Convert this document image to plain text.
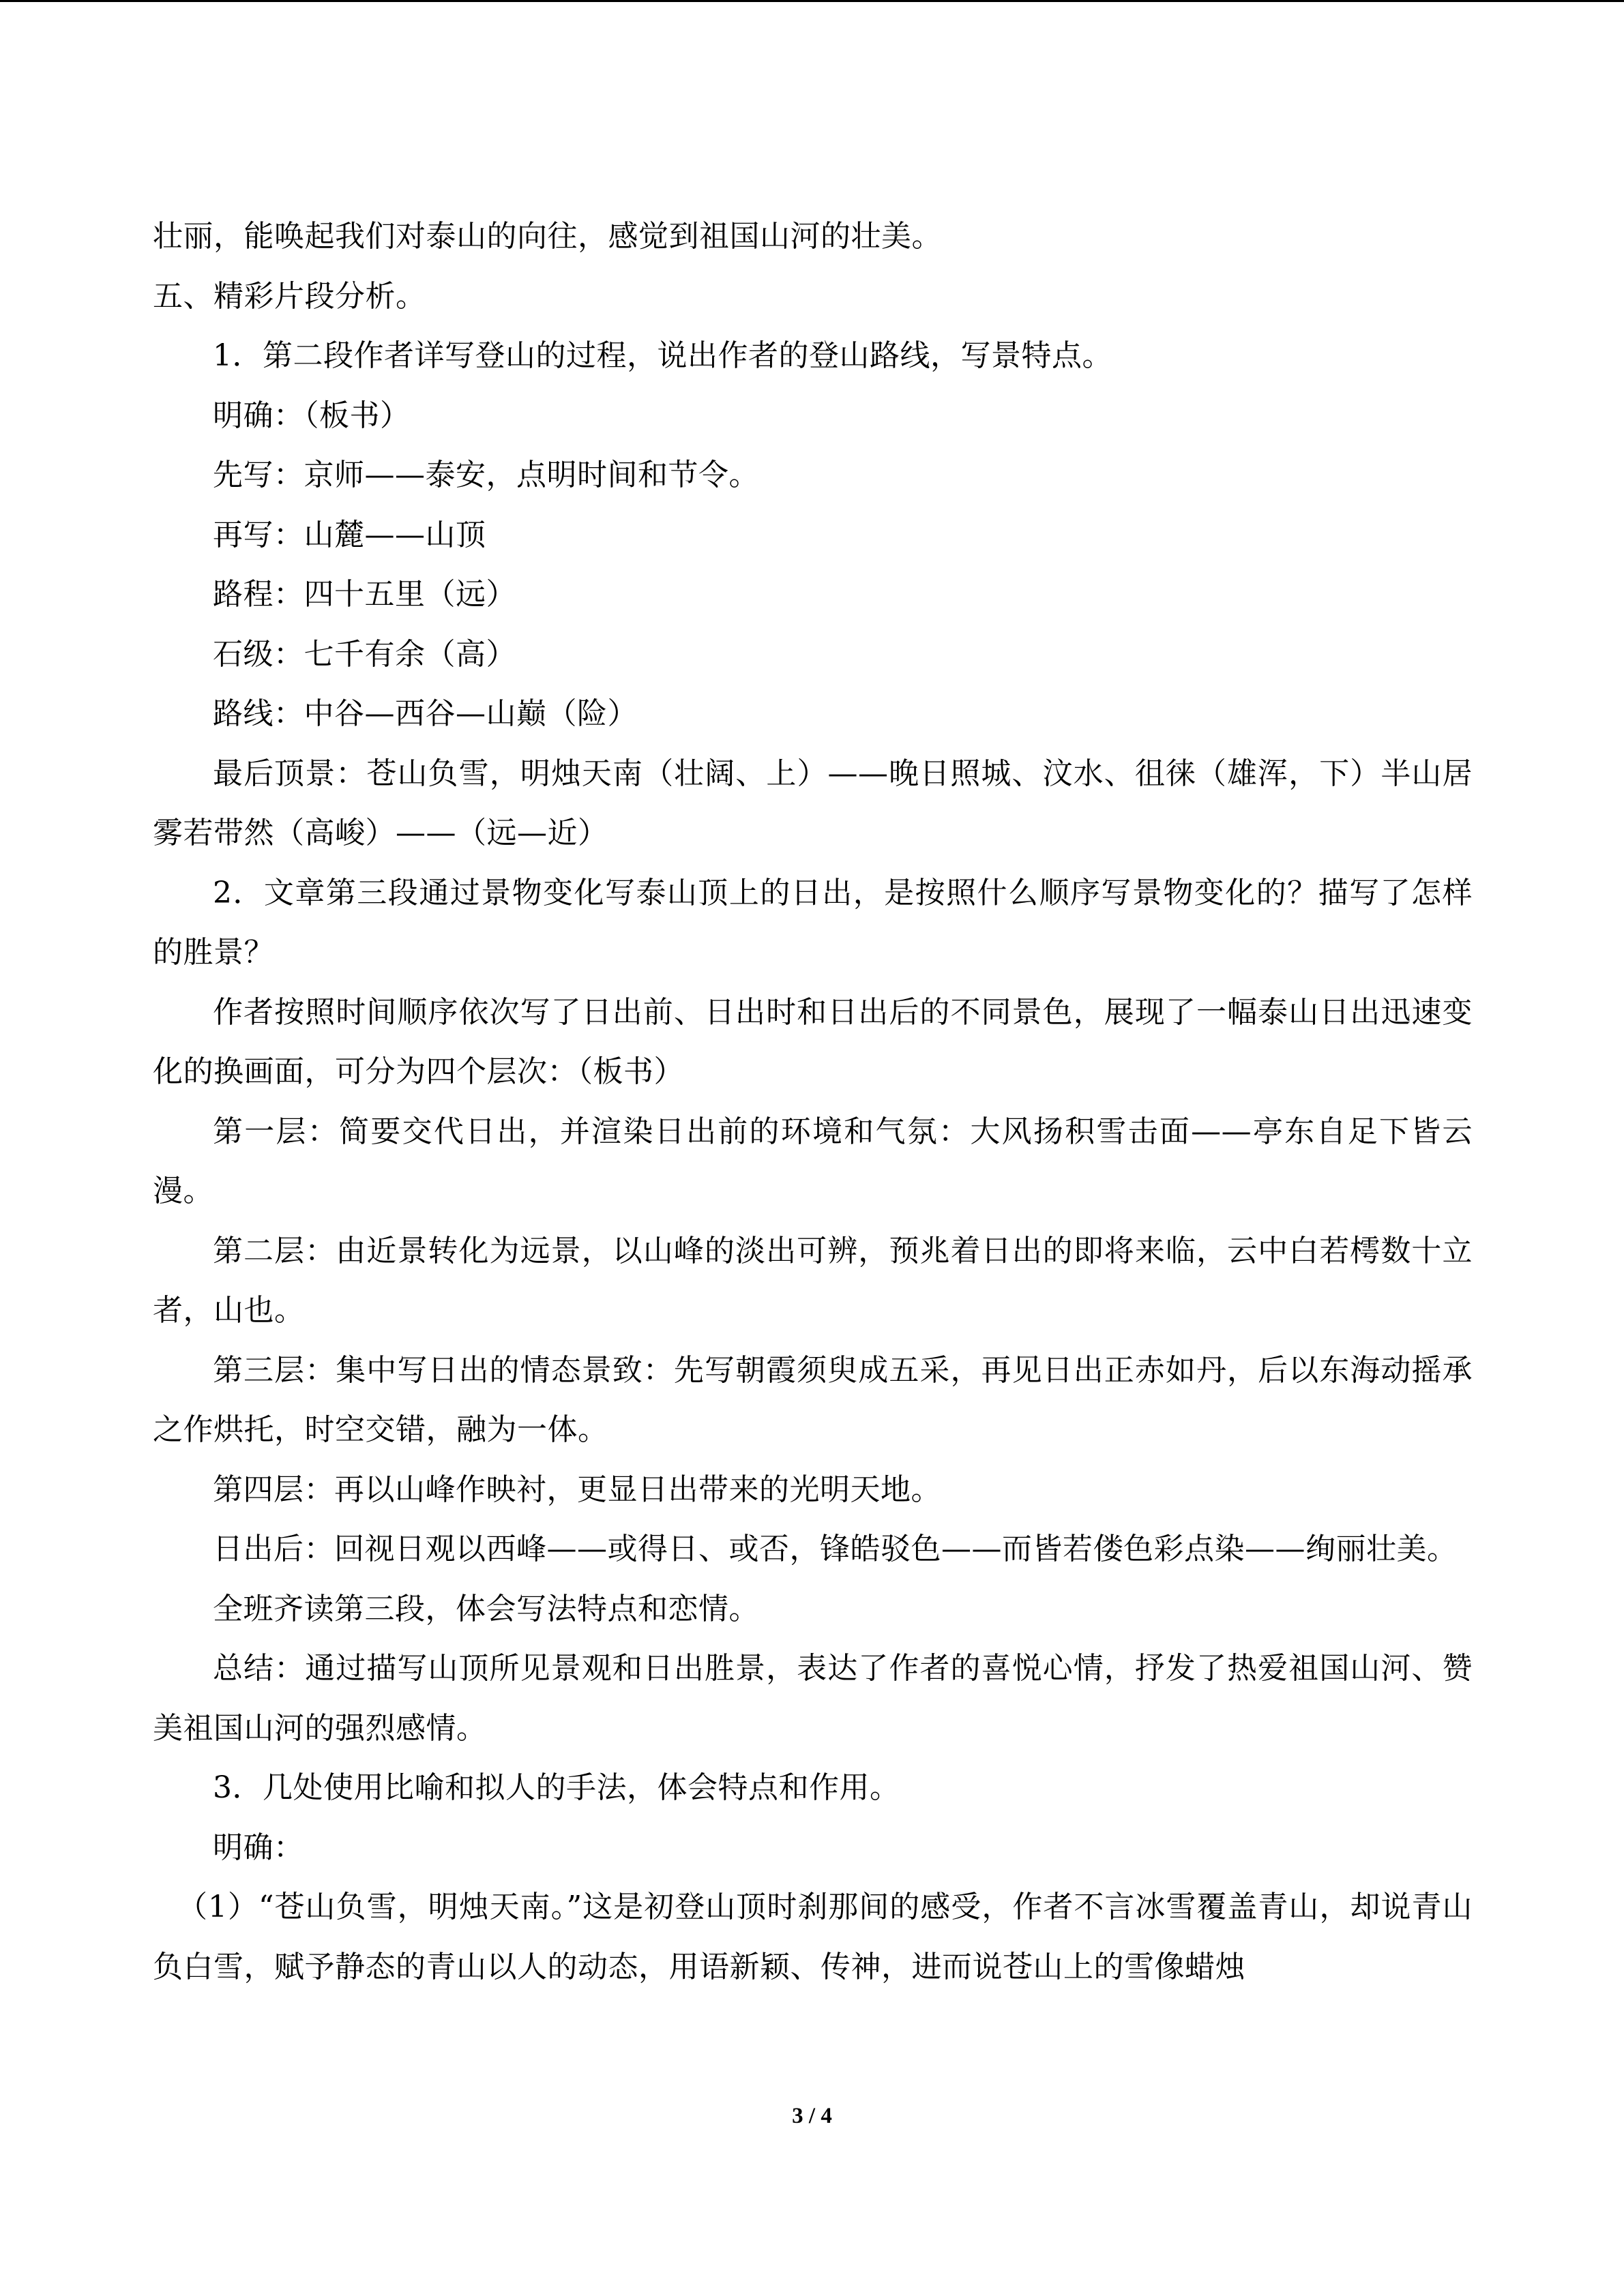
壮丽，能唤起我们对泰山的向往，感觉到祖国山河的壮美。

五、精彩片段分析。

1．第二段作者详写登山的过程，说出作者的登山路线，写景特点。

明确：（板书）

先写：京师——泰安，点明时间和节令。

再写：山麓——山顶

路程：四十五里（远）

石级：七千有余（高）

路线：中谷—西谷—山巅（险）

最后顶景：苍山负雪，明烛天南（壮阔、上）——晚日照城、汶水、徂徕（雄浑，下）半山居雾若带然（高峻）——（远—近）

2．文章第三段通过景物变化写泰山顶上的日出，是按照什么顺序写景物变化的？描写了怎样的胜景？

作者按照时间顺序依次写了日出前、日出时和日出后的不同景色，展现了一幅泰山日出迅速变化的换画面，可分为四个层次：（板书）

第一层：简要交代日出，并渲染日出前的环境和气氛：大风扬积雪击面——亭东自足下皆云漫。

第二层：由近景转化为远景，以山峰的淡出可辨，预兆着日出的即将来临，云中白若樗数十立者，山也。

第三层：集中写日出的情态景致：先写朝霞须臾成五采，再见日出正赤如丹，后以东海动摇承之作烘托，时空交错，融为一体。

第四层：再以山峰作映衬，更显日出带来的光明天地。

日出后：回视日观以西峰——或得日、或否，锋皓驳色——而皆若偻色彩点染——绚丽壮美。

全班齐读第三段，体会写法特点和恋情。

总结：通过描写山顶所见景观和日出胜景，表达了作者的喜悦心情，抒发了热爱祖国山河、赞美祖国山河的强烈感情。

3．几处使用比喻和拟人的手法，体会特点和作用。

明确：

（1）“苍山负雪，明烛天南。”这是初登山顶时刹那间的感受，作者不言冰雪覆盖青山，却说青山负白雪，赋予静态的青山以人的动态，用语新颖、传神，进而说苍山上的雪像蜡烛

3 / 4
